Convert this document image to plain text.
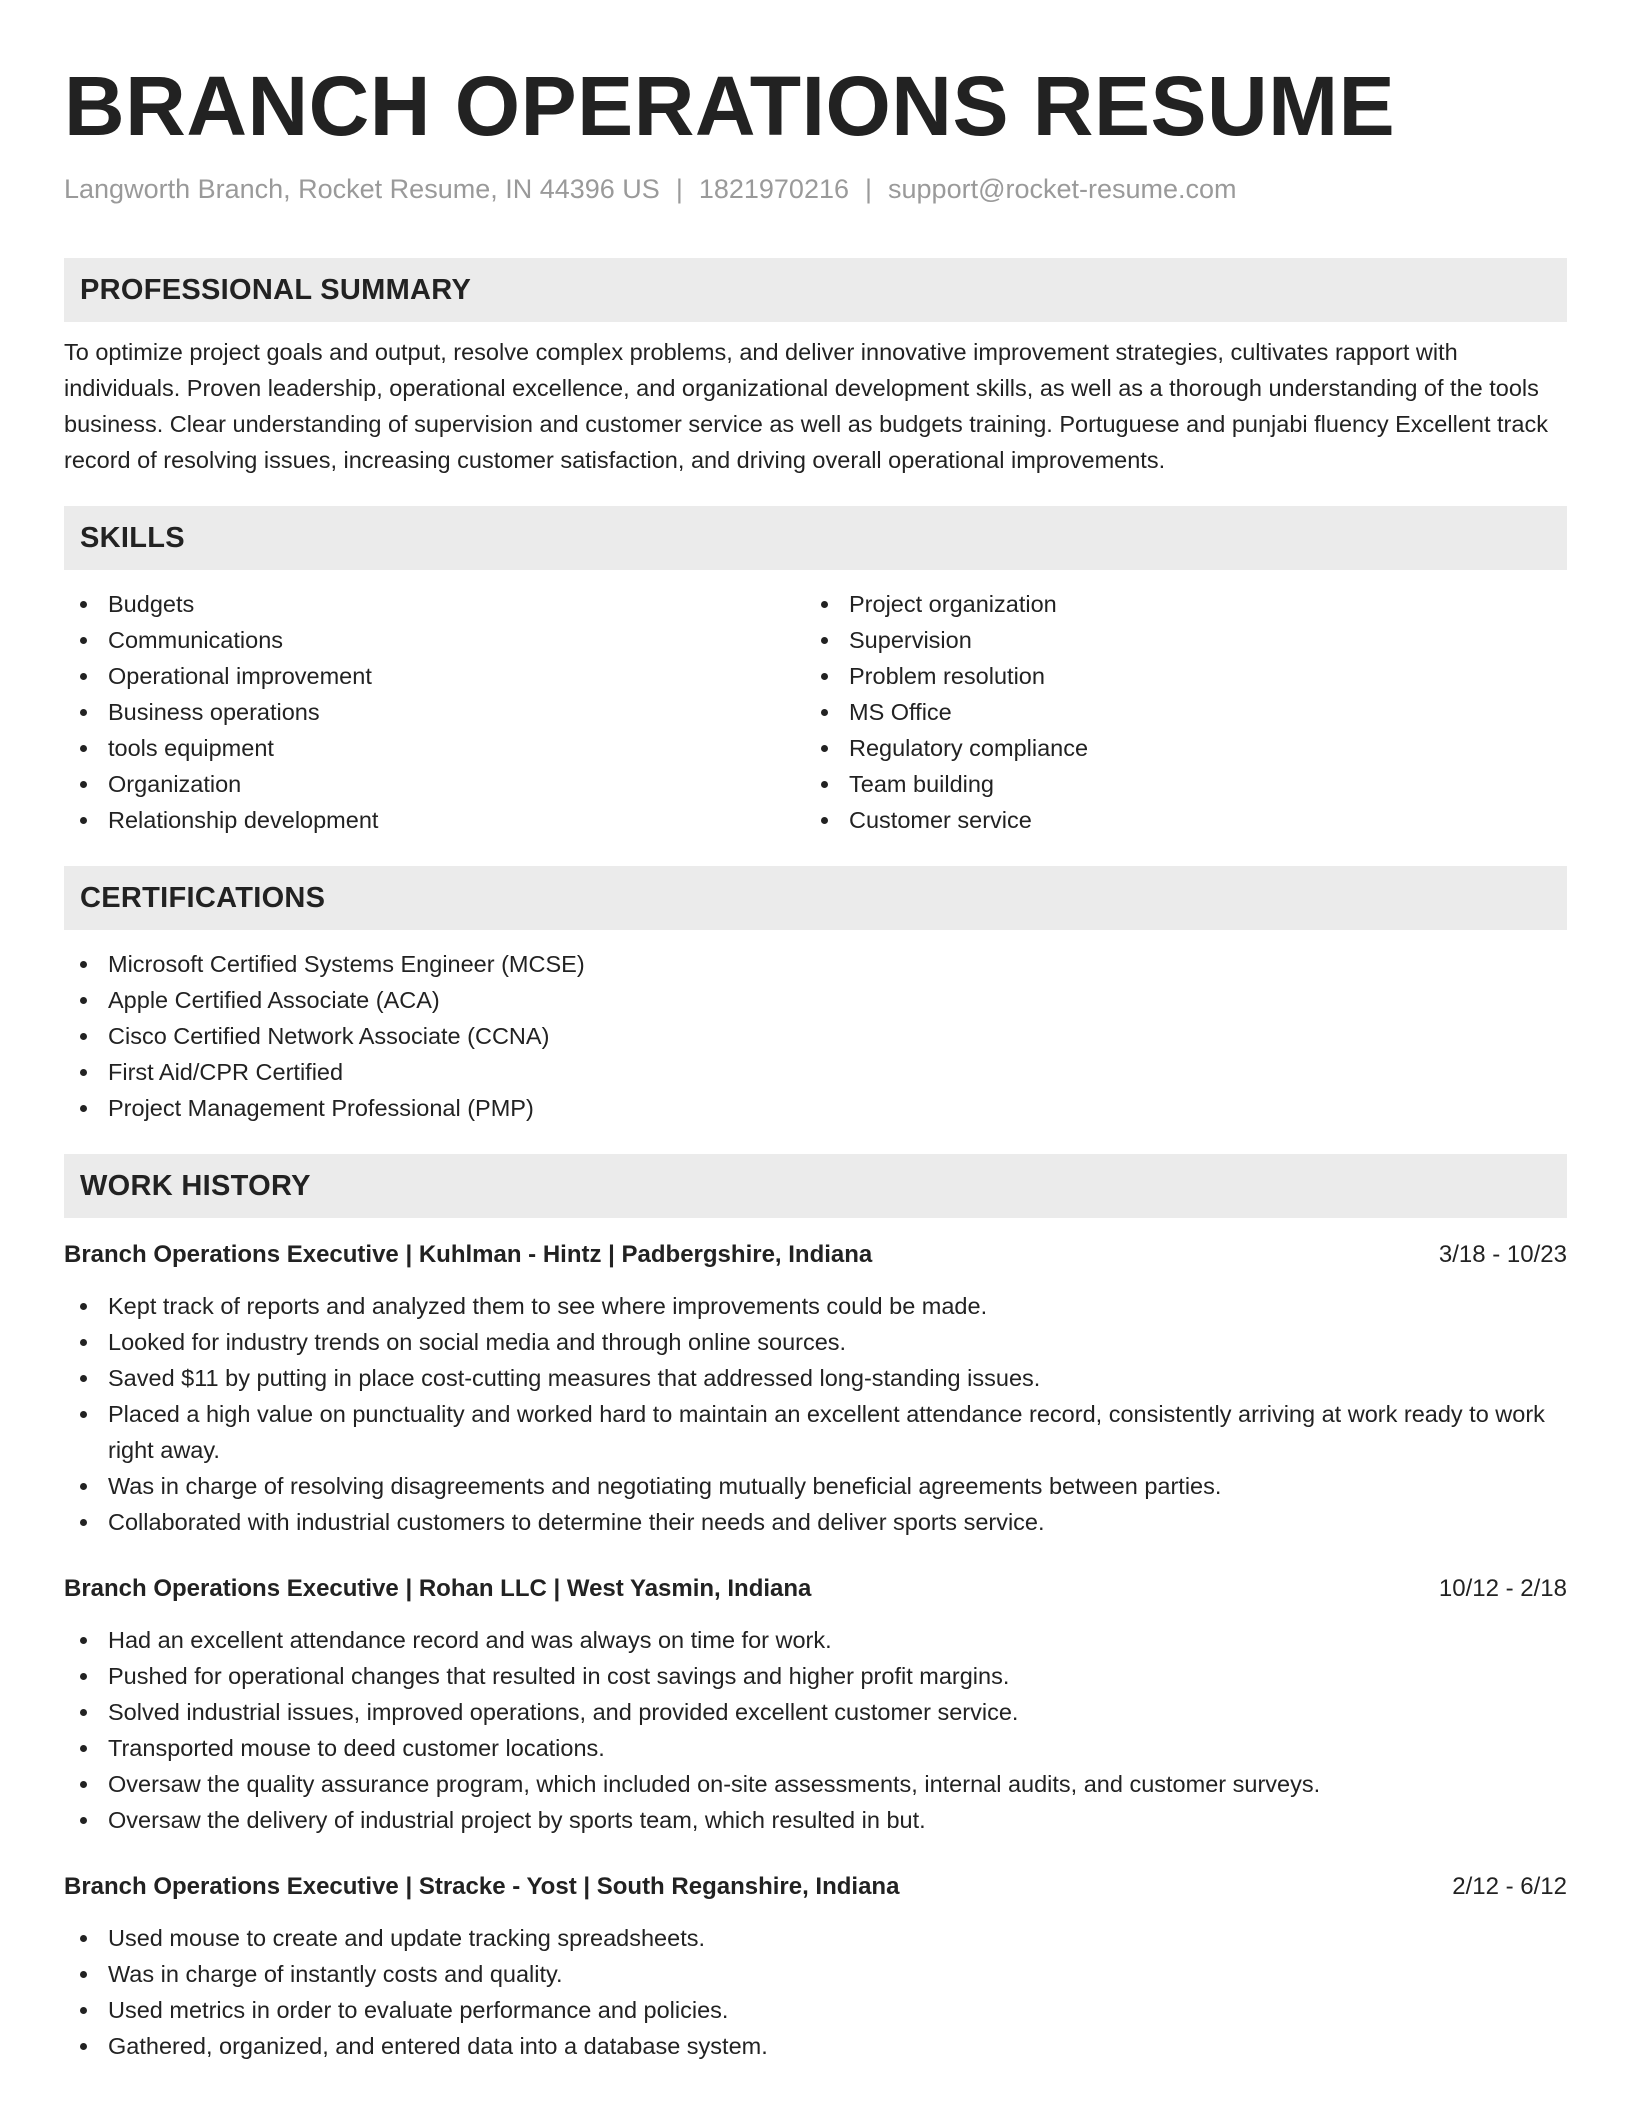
BRANCH OPERATIONS RESUME
Langworth Branch, Rocket Resume, IN 44396 US | 1821970216 | support@rocket-resume.com
PROFESSIONAL SUMMARY

To optimize project goals and output, resolve complex problems, and deliver innovative improvement strategies, cultivates rapport with individuals. Proven leadership, operational excellence, and organizational development skills, as well as a thorough understanding of the tools business. Clear understanding of supervision and customer service as well as budgets training. Portuguese and punjabi fluency Excellent track record of resolving issues, increasing customer satisfaction, and driving overall operational improvements.

SKILLS
Budgets
Communications
Operational improvement
Business operations
tools equipment
Organization
Relationship development
Project organization
Supervision
Problem resolution
MS Office
Regulatory compliance
Team building
Customer service
CERTIFICATIONS
Microsoft Certified Systems Engineer (MCSE)
Apple Certified Associate (ACA)
Cisco Certified Network Associate (CCNA)
First Aid/CPR Certified
Project Management Professional (PMP)
WORK HISTORY
Branch Operations Executive | Kuhlman - Hintz | Padbergshire, Indiana	3/18 - 10/23
Kept track of reports and analyzed them to see where improvements could be made.
Looked for industry trends on social media and through online sources.
Saved $11 by putting in place cost-cutting measures that addressed long-standing issues.
Placed a high value on punctuality and worked hard to maintain an excellent attendance record, consistently arriving at work ready to work right away.
Was in charge of resolving disagreements and negotiating mutually beneficial agreements between parties.
Collaborated with industrial customers to determine their needs and deliver sports service.
Branch Operations Executive | Rohan LLC | West Yasmin, Indiana	10/12 - 2/18
Had an excellent attendance record and was always on time for work.
Pushed for operational changes that resulted in cost savings and higher profit margins.
Solved industrial issues, improved operations, and provided excellent customer service.
Transported mouse to deed customer locations.
Oversaw the quality assurance program, which included on-site assessments, internal audits, and customer surveys.
Oversaw the delivery of industrial project by sports team, which resulted in but.
Branch Operations Executive | Stracke - Yost | South Reganshire, Indiana	2/12 - 6/12
Used mouse to create and update tracking spreadsheets.
Was in charge of instantly costs and quality.
Used metrics in order to evaluate performance and policies.
Gathered, organized, and entered data into a database system.
